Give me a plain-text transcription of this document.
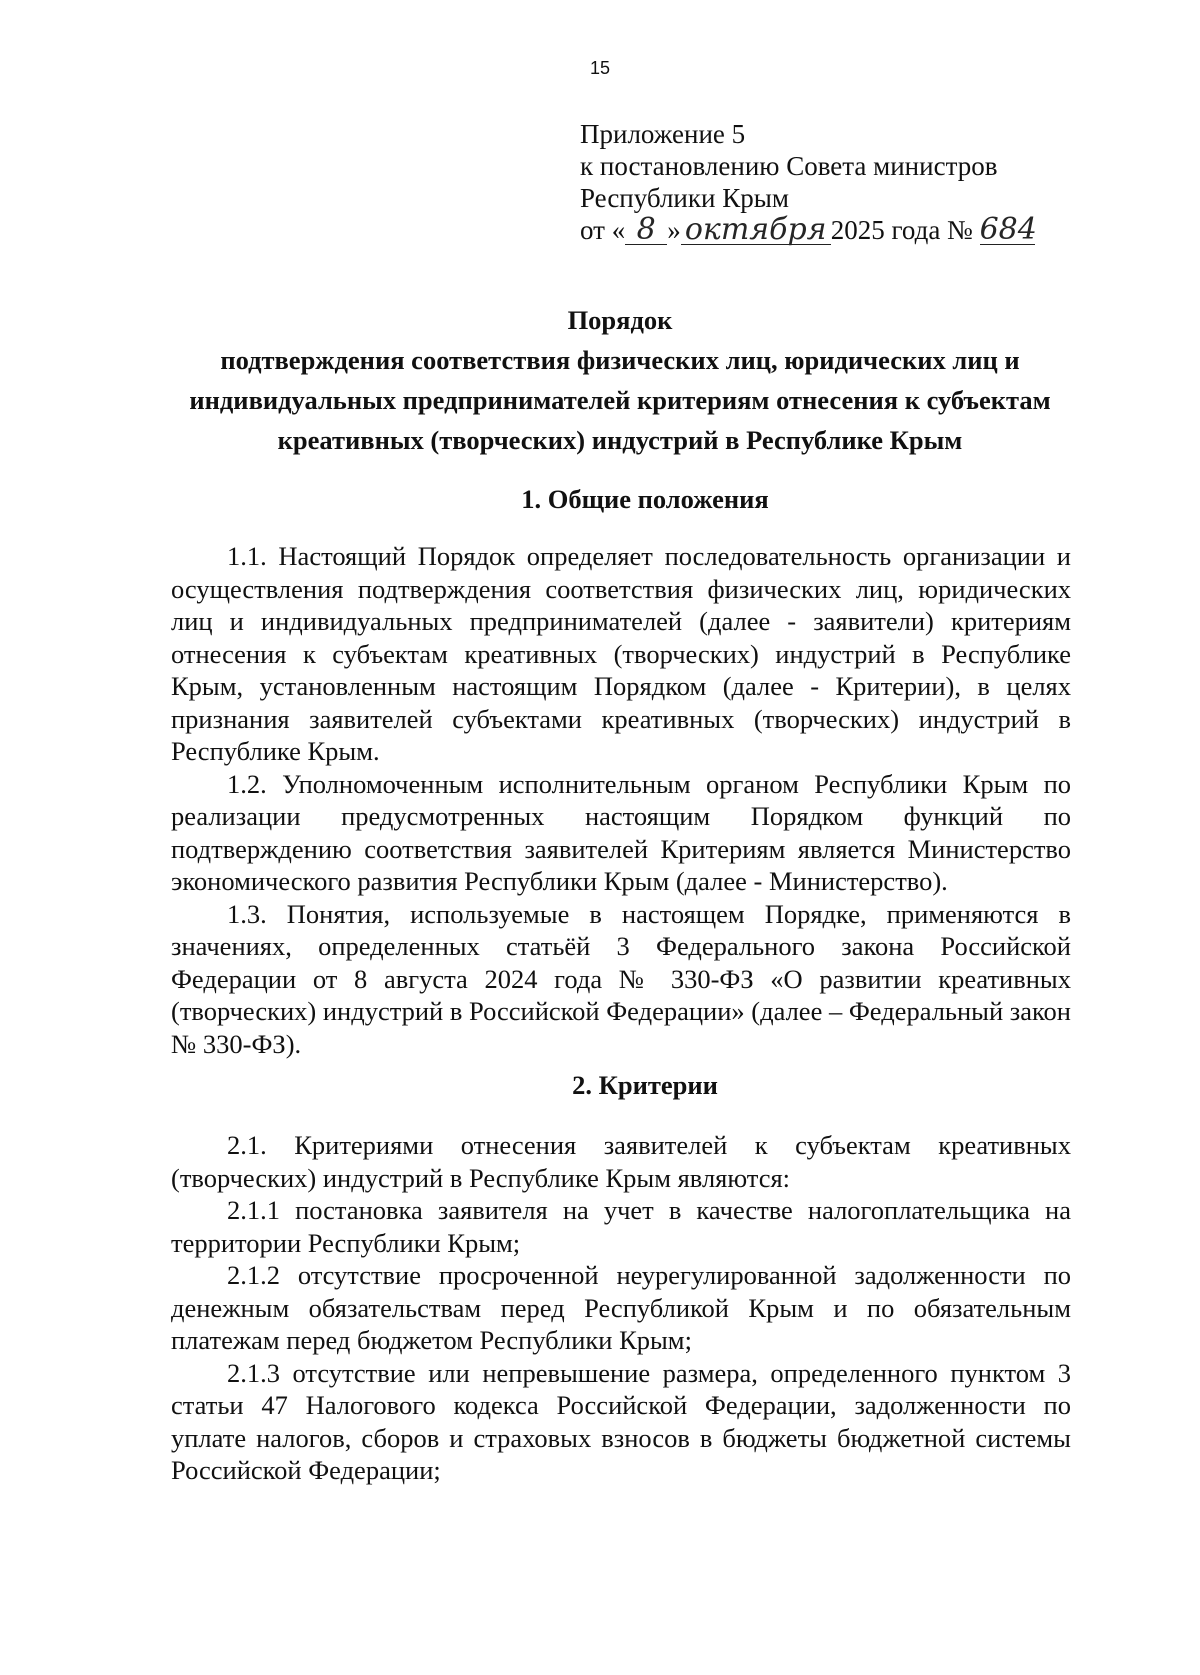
15
Приложение 5
к постановлению Совета министров
Республики Крым
от « 8 » октября 2025 года № 684
Порядок
подтверждения соответствия физических лиц, юридических лиц и индивидуальных предпринимателей критериям отнесения к субъектам креативных (творческих) индустрий в Республике Крым
1. Общие положения

1.1. Настоящий Порядок определяет последовательность организации и осуществления подтверждения соответствия физических лиц, юридических лиц и индивидуальных предпринимателей (далее - заявители) критериям отнесения к субъектам креативных (творческих) индустрий в Республике Крым, установленным настоящим Порядком (далее - Критерии), в целях признания заявителей субъектами креативных (творческих) индустрий в Республике Крым.

1.2. Уполномоченным исполнительным органом Республики Крым по реализации предусмотренных настоящим Порядком функций по подтверждению соответствия заявителей Критериям является Министерство экономического развития Республики Крым (далее - Министерство).

1.3. Понятия, используемые в настоящем Порядке, применяются в значениях, определенных статьёй 3 Федерального закона Российской Федерации от 8 августа 2024 года № 330-ФЗ «О развитии креативных (творческих) индустрий в Российской Федерации» (далее – Федеральный закон № 330-ФЗ).

2. Критерии

2.1. Критериями отнесения заявителей к субъектам креативных (творческих) индустрий в Республике Крым являются:

2.1.1 постановка заявителя на учет в качестве налогоплательщика на территории Республики Крым;

2.1.2 отсутствие просроченной неурегулированной задолженности по денежным обязательствам перед Республикой Крым и по обязательным платежам перед бюджетом Республики Крым;

2.1.3 отсутствие или непревышение размера, определенного пунктом 3 статьи 47 Налогового кодекса Российской Федерации, задолженности по уплате налогов, сборов и страховых взносов в бюджеты бюджетной системы Российской Федерации;
